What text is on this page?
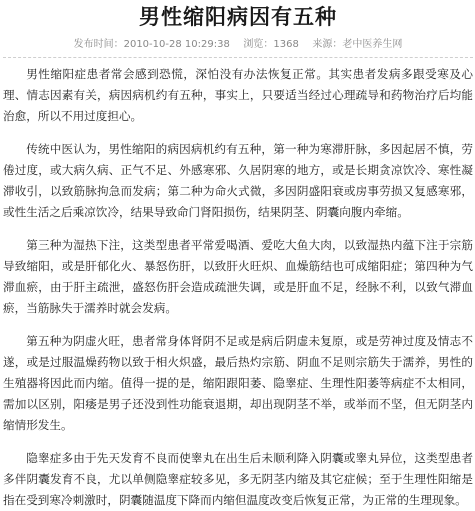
男性缩阳病因有五种
发布时间：2010-10-28 10:29:38 浏览：1368 来源：老中医养生网

男性缩阳症患者常会感到恐慌，深怕没有办法恢复正常。其实患者发病多跟受寒及心理、情志因素有关，病因病机约有五种，事实上，只要适当经过心理疏导和药物治疗后均能治愈，所以不用过度担心。

传统中医认为，男性缩阳的病因病机约有五种，第一种为寒滞肝脉，多因起居不慎，劳倦过度，或大病久病、正气不足、外感寒邪、久居阴寒的地方，或是长期贪凉饮冷、寒性凝滞收引，以致筋脉拘急而发病；第二种为命火式微，多因阴盛阳衰或房事劳损又复感寒邪，或性生活之后乘凉饮冷，结果导致命门肾阳损伤，结果阴茎、阴囊向腹内牵缩。

第三种为湿热下注，这类型患者平常爱喝酒、爱吃大鱼大肉，以致湿热内蕴下注于宗筋导致缩阳，或是肝郁化火、暴怒伤肝，以致肝火旺炽、血燥筋结也可成缩阳症；第四种为气滞血瘀，由于肝主疏泄，盛怒伤肝会造成疏泄失调，或是肝血不足，经脉不利，以致气滞血瘀，当筋脉失于濡养时就会发病。

第五种为阴虚火旺，患者常身体肾阴不足或是病后阴虚未复原，或是劳神过度及情志不遂，或是过服温燥药物以致于相火炽盛，最后热灼宗筋、阴血不足则宗筋失于濡养，男性的生殖器将因此而内缩。值得一提的是，缩阳跟阳萎、隐睾症、生理性阳萎等病症不太相同，需加以区别，阳痿是男子还没到性功能衰退期，却出现阴茎不举，或举而不坚，但无阴茎内缩情形发生。

隐睾症多由于先天发育不良而使睾丸在出生后未顺利降入阴囊或睾丸异位，这类型患者多伴阴囊发育不良，尤以单侧隐睾症较多见，多无阴茎内缩及其它症候；至于生理性阳缩是指在受到寒冷刺激时，阴囊随温度下降而内缩但温度改变后恢复正常，为正常的生理现象。
